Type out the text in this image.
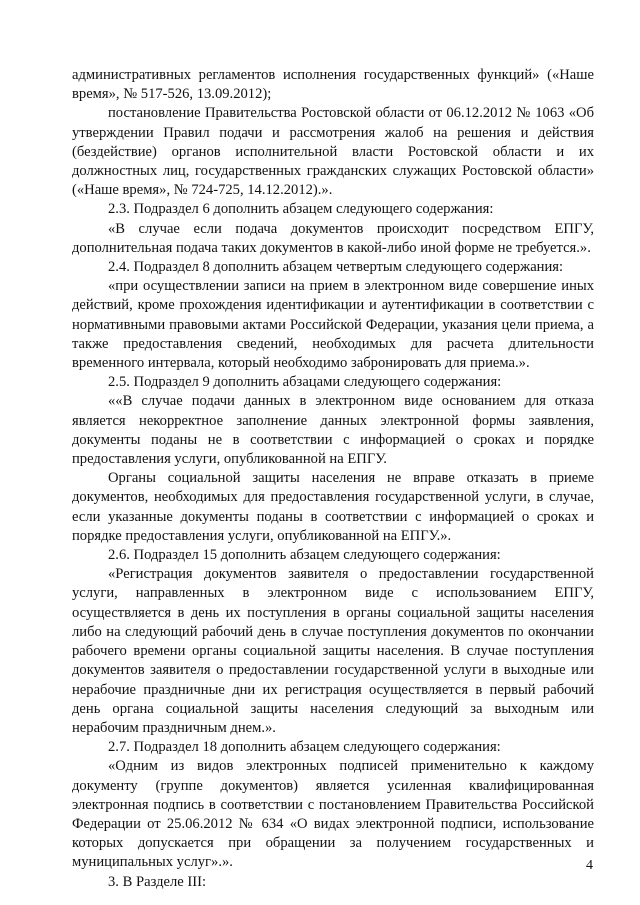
административных регламентов исполнения государственных функций» («Наше время», № 517-526, 13.09.2012);

постановление Правительства Ростовской области от 06.12.2012 № 1063 «Об утверждении Правил подачи и рассмотрения жалоб на решения и действия (бездействие) органов исполнительной власти Ростовской области и их должностных лиц, государственных гражданских служащих Ростовской области» («Наше время», № 724-725, 14.12.2012).».

2.3. Подраздел 6 дополнить абзацем следующего содержания:

«В случае если подача документов происходит посредством ЕПГУ, дополнительная подача таких документов в какой-либо иной форме не требуется.».

2.4. Подраздел 8 дополнить абзацем четвертым следующего содержания:

«при осуществлении записи на прием в электронном виде совершение иных действий, кроме прохождения идентификации и аутентификации в соответствии с нормативными правовыми актами Российской Федерации, указания цели приема, а также предоставления сведений, необходимых для расчета длительности временного интервала, который необходимо забронировать для приема.».

2.5. Подраздел 9 дополнить абзацами следующего содержания:

««В случае подачи данных в электронном виде основанием для отказа является некорректное заполнение данных электронной формы заявления, документы поданы не в соответствии с информацией о сроках и порядке предоставления услуги, опубликованной на ЕПГУ.

Органы социальной защиты населения не вправе отказать в приеме документов, необходимых для предоставления государственной услуги, в случае, если указанные документы поданы в соответствии с информацией о сроках и порядке предоставления услуги, опубликованной на ЕПГУ.».

2.6. Подраздел 15 дополнить абзацем следующего содержания:

«Регистрация документов заявителя о предоставлении государственной услуги, направленных в электронном виде с использованием ЕПГУ, осуществляется в день их поступления в органы социальной защиты населения либо на следующий рабочий день в случае поступления документов по окончании рабочего времени органы социальной защиты населения. В случае поступления документов заявителя о предоставлении государственной услуги в выходные или нерабочие праздничные дни их регистрация осуществляется в первый рабочий день органа социальной защиты населения следующий за выходным или нерабочим праздничным днем.».

2.7. Подраздел 18 дополнить абзацем следующего содержания:

«Одним из видов электронных подписей применительно к каждому документу (группе документов) является усиленная квалифицированная электронная подпись в соответствии с постановлением Правительства Российской Федерации от 25.06.2012 № 634 «О видах электронной подписи, использование которых допускается при обращении за получением государственных и муниципальных услуг».».

3. В Разделе III:

4
